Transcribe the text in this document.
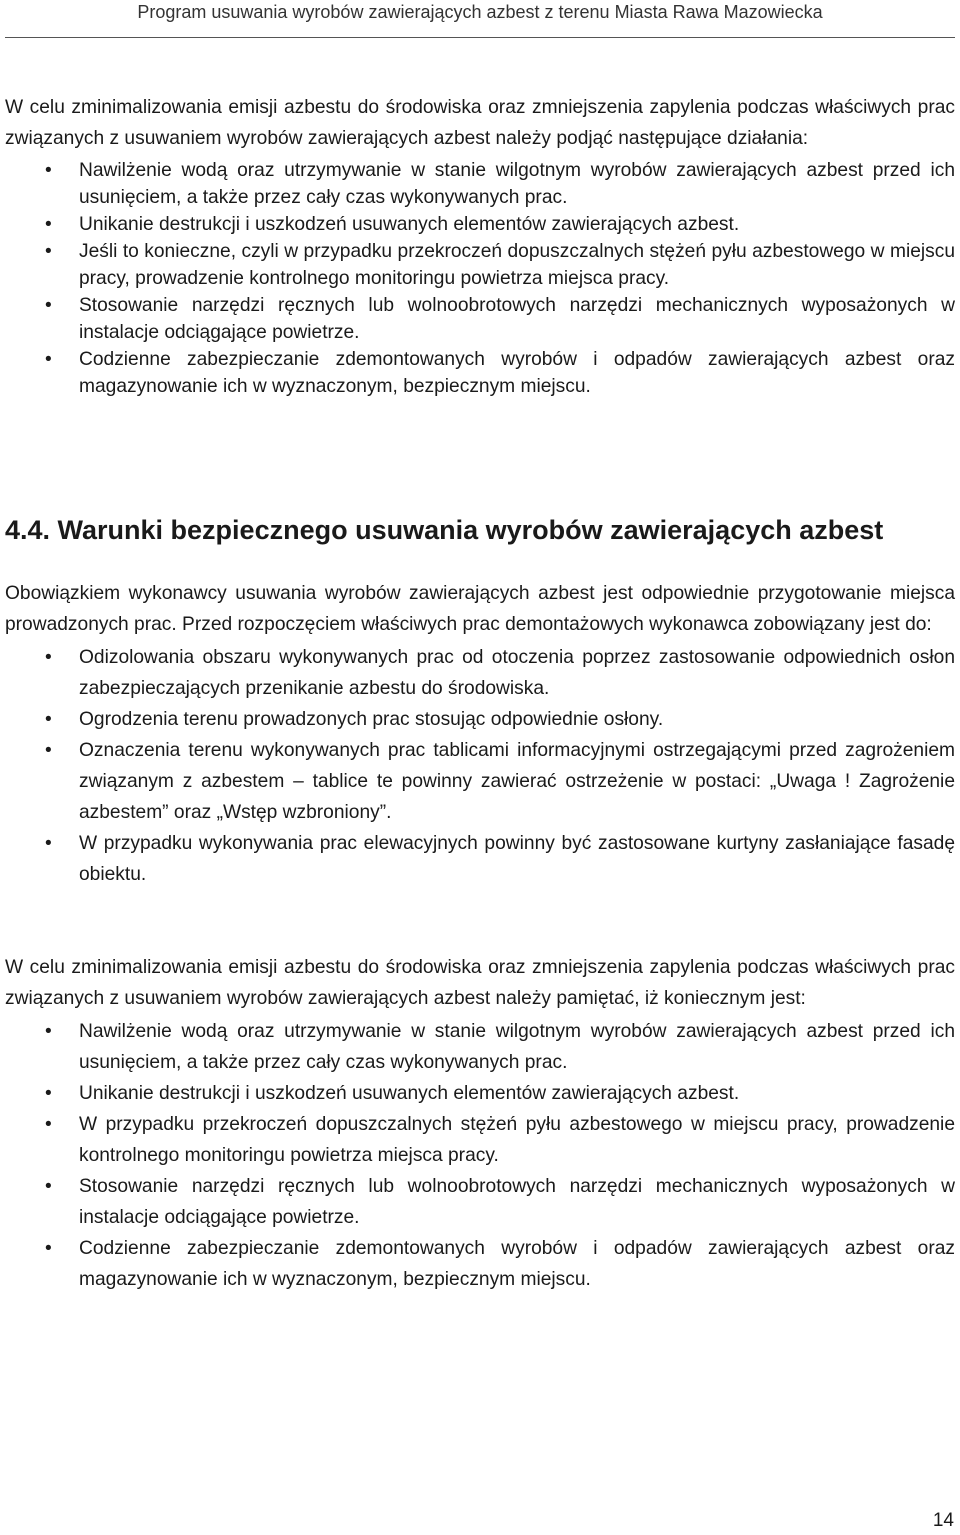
Program usuwania wyrobów zawierających azbest z terenu Miasta Rawa Mazowiecka

W celu zminimalizowania emisji azbestu do środowiska oraz zmniejszenia zapylenia podczas właściwych prac związanych z usuwaniem wyrobów zawierających azbest należy podjąć następujące działania:

• Nawilżenie wodą oraz utrzymywanie w stanie wilgotnym wyrobów zawierających azbest przed ich usunięciem, a także przez cały czas wykonywanych prac.
• Unikanie destrukcji i uszkodzeń usuwanych elementów zawierających azbest.
• Jeśli to konieczne, czyli w przypadku przekroczeń dopuszczalnych stężeń pyłu azbestowego w miejscu pracy, prowadzenie kontrolnego monitoringu powietrza miejsca pracy.
• Stosowanie narzędzi ręcznych lub wolnoobrotowych narzędzi mechanicznych wyposażonych w instalacje odciągające powietrze.
• Codzienne zabezpieczanie zdemontowanych wyrobów i odpadów zawierających azbest oraz magazynowanie ich w wyznaczonym, bezpiecznym miejscu.
4.4. Warunki bezpiecznego usuwania wyrobów zawierających azbest

Obowiązkiem wykonawcy usuwania wyrobów zawierających azbest jest odpowiednie przygotowanie miejsca prowadzonych prac. Przed rozpoczęciem właściwych prac demontażowych wykonawca zobowiązany jest do:

• Odizolowania obszaru wykonywanych prac od otoczenia poprzez zastosowanie odpowiednich osłon zabezpieczających przenikanie azbestu do środowiska.
• Ogrodzenia terenu prowadzonych prac stosując odpowiednie osłony.
• Oznaczenia terenu wykonywanych prac tablicami informacyjnymi ostrzegającymi przed zagrożeniem związanym z azbestem – tablice te powinny zawierać ostrzeżenie w postaci: „Uwaga ! Zagrożenie azbestem” oraz „Wstęp wzbroniony”.
• W przypadku wykonywania prac elewacyjnych powinny być zastosowane kurtyny zasłaniające fasadę obiektu.

W celu zminimalizowania emisji azbestu do środowiska oraz zmniejszenia zapylenia podczas właściwych prac związanych z usuwaniem wyrobów zawierających azbest należy pamiętać, iż koniecznym jest:

• Nawilżenie wodą oraz utrzymywanie w stanie wilgotnym wyrobów zawierających azbest przed ich usunięciem, a także przez cały czas wykonywanych prac.
• Unikanie destrukcji i uszkodzeń usuwanych elementów zawierających azbest.
• W przypadku przekroczeń dopuszczalnych stężeń pyłu azbestowego w miejscu pracy, prowadzenie kontrolnego monitoringu powietrza miejsca pracy.
• Stosowanie narzędzi ręcznych lub wolnoobrotowych narzędzi mechanicznych wyposażonych w instalacje odciągające powietrze.
• Codzienne zabezpieczanie zdemontowanych wyrobów i odpadów zawierających azbest oraz magazynowanie ich w wyznaczonym, bezpiecznym miejscu.
14
